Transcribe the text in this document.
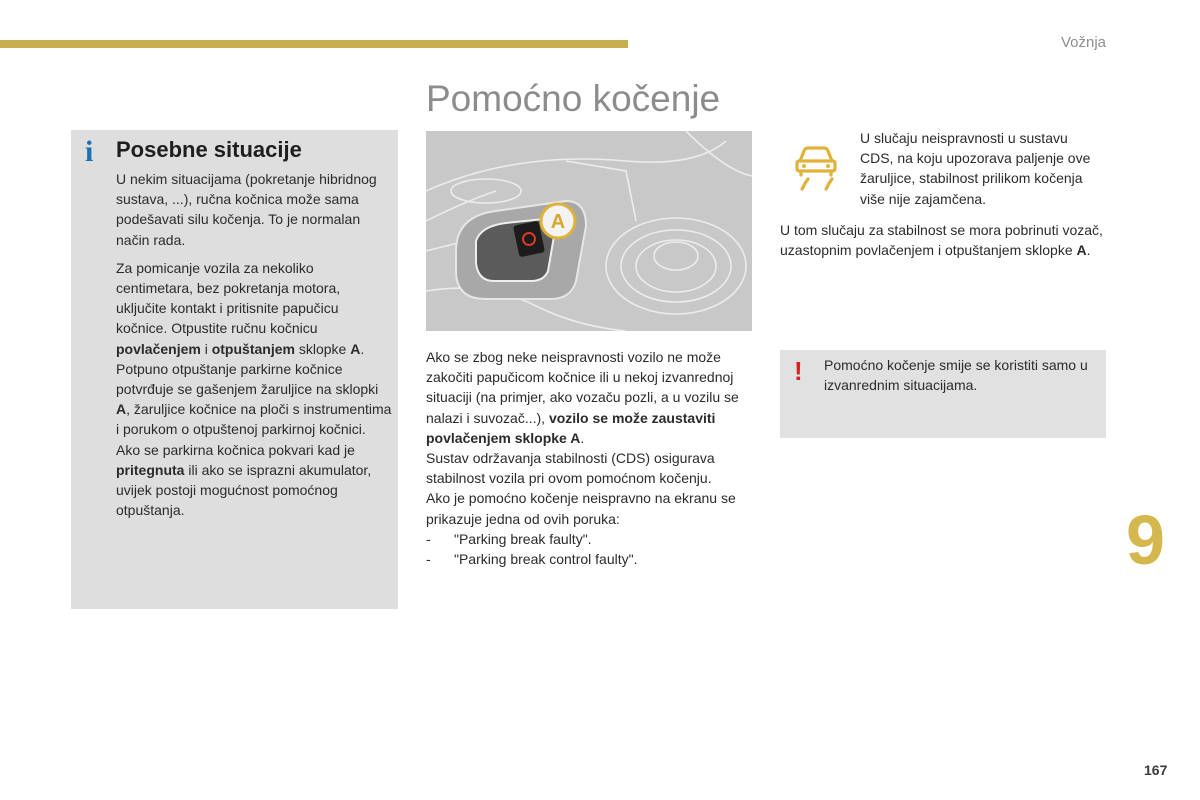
Vožnja
Pomoćno kočenje
i Posebne situacije

U nekim situacijama (pokretanje hibridnog sustava, ...), ručna kočnica može sama podešavati silu kočenja. To je normalan način rada.

Za pomicanje vozila za nekoliko centimetara, bez pokretanja motora, uključite kontakt i pritisnite papučicu kočnice. Otpustite ručnu kočnicu povlačenjem i otpuštanjem sklopke A.

Potpuno otpuštanje parkirne kočnice potvrđuje se gašenjem žaruljice na sklopki A, žaruljice kočnice na ploči s instrumentima i porukom o otpuštenoj parkirnoj kočnici.

Ako se parkirna kočnica pokvari kad je pritegnuta ili ako se isprazni akumulator, uvijek postoji mogućnost pomoćnog otpuštanja.

A

Ako se zbog neke neispravnosti vozilo ne može zakočiti papučicom kočnice ili u nekoj izvanrednoj situaciji (na primjer, ako vozaču pozli, a u vozilu se nalazi i suvozač...), vozilo se može zaustaviti povlačenjem sklopke A.

Sustav održavanja stabilnosti (CDS) osigurava stabilnost vozila pri ovom pomoćnom kočenju.

Ako je pomoćno kočenje neispravno na ekranu se prikazuje jedna od ovih poruka:

-	"Parking break faulty".
-	"Parking break control faulty".
U slučaju neispravnosti u sustavu CDS, na koju upozorava paljenje ove žaruljice, stabilnost prilikom kočenja više nije zajamčena.
U tom slučaju za stabilnost se mora pobrinuti vozač, uzastopnim povlačenjem i otpuštanjem sklopke A.
! Pomoćno kočenje smije se koristiti samo u izvanrednim situacijama.
9
167
